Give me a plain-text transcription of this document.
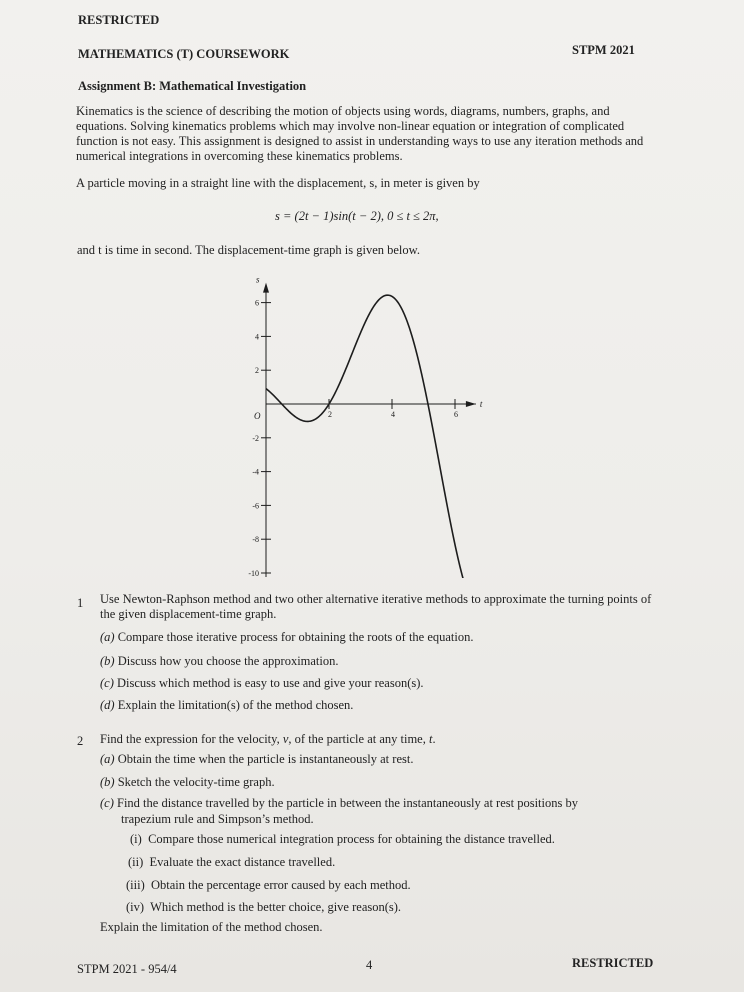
RESTRICTED
MATHEMATICS (T) COURSEWORK	STPM 2021
Assignment B: Mathematical Investigation
Kinematics is the science of describing the motion of objects using words, diagrams, numbers, graphs, and equations. Solving kinematics problems which may involve non-linear equation or integration of complicated function is not easy. This assignment is designed to assist in understanding ways to use any iteration methods and numerical integrations in overcoming these kinematics problems.
A particle moving in a straight line with the displacement, s, in meter is given by
s = (2t − 1)sin(t − 2), 0 ≤ t ≤ 2π,
and t is time in second. The displacement-time graph is given below.
s
t
O
6
4
2
-2
-4
-6
-8
-10
2	4	6
1 Use Newton-Raphson method and two other alternative iterative methods to approximate the turning points of the given displacement-time graph.
(a) Compare those iterative process for obtaining the roots of the equation.
(b) Discuss how you choose the approximation.
(c) Discuss which method is easy to use and give your reason(s).
(d) Explain the limitation(s) of the method chosen.
2 Find the expression for the velocity, v, of the particle at any time, t.
(a) Obtain the time when the particle is instantaneously at rest.
(b) Sketch the velocity-time graph.
(c) Find the distance travelled by the particle in between the instantaneously at rest positions by
trapezium rule and Simpson’s method.
(i) Compare those numerical integration process for obtaining the distance travelled.
(ii) Evaluate the exact distance travelled.
(iii) Obtain the percentage error caused by each method.
(iv) Which method is the better choice, give reason(s).
Explain the limitation of the method chosen.
STPM 2021 - 954/4	4	RESTRICTED
